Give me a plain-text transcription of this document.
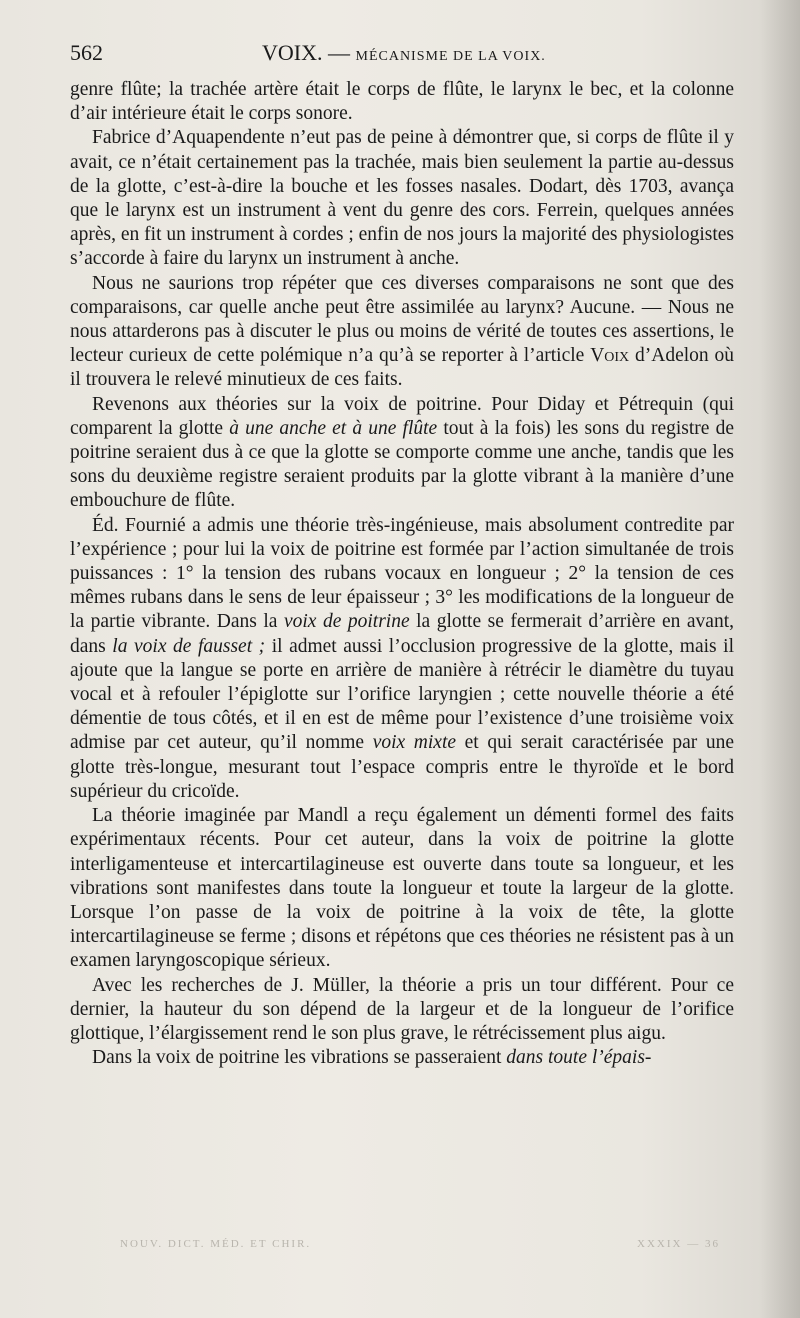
562	VOIX. — MÉCANISME DE LA VOIX.

genre flûte; la trachée artère était le corps de flûte, le larynx le bec, et la colonne d’air intérieure était le corps sonore.

Fabrice d’Aquapendente n’eut pas de peine à démontrer que, si corps de flûte il y avait, ce n’était certainement pas la trachée, mais bien seulement la partie au-dessus de la glotte, c’est-à-dire la bouche et les fosses nasales. Dodart, dès 1703, avança que le larynx est un instrument à vent du genre des cors. Ferrein, quelques années après, en fit un instrument à cordes ; enfin de nos jours la majorité des physiologistes s’accorde à faire du larynx un instrument à anche.

Nous ne saurions trop répéter que ces diverses comparaisons ne sont que des comparaisons, car quelle anche peut être assimilée au larynx? Aucune. — Nous ne nous attarderons pas à discuter le plus ou moins de vérité de toutes ces assertions, le lecteur curieux de cette polémique n’a qu’à se reporter à l’article Voix d’Adelon où il trouvera le relevé minutieux de ces faits.

Revenons aux théories sur la voix de poitrine. Pour Diday et Pétrequin (qui comparent la glotte à une anche et à une flûte tout à la fois) les sons du registre de poitrine seraient dus à ce que la glotte se comporte comme une anche, tandis que les sons du deuxième registre seraient produits par la glotte vibrant à la manière d’une embouchure de flûte.

Éd. Fournié a admis une théorie très-ingénieuse, mais absolument contredite par l’expérience ; pour lui la voix de poitrine est formée par l’action simultanée de trois puissances : 1° la tension des rubans vocaux en longueur ; 2° la tension de ces mêmes rubans dans le sens de leur épaisseur ; 3° les modifications de la longueur de la partie vibrante. Dans la voix de poitrine la glotte se fermerait d’arrière en avant, dans la voix de fausset ; il admet aussi l’occlusion progressive de la glotte, mais il ajoute que la langue se porte en arrière de manière à rétrécir le diamètre du tuyau vocal et à refouler l’épiglotte sur l’orifice laryngien ; cette nouvelle théorie a été démentie de tous côtés, et il en est de même pour l’existence d’une troisième voix admise par cet auteur, qu’il nomme voix mixte et qui serait caractérisée par une glotte très-longue, mesurant tout l’espace compris entre le thyroïde et le bord supérieur du cricoïde.

La théorie imaginée par Mandl a reçu également un démenti formel des faits expérimentaux récents. Pour cet auteur, dans la voix de poitrine la glotte interligamenteuse et intercartilagineuse est ouverte dans toute sa longueur, et les vibrations sont manifestes dans toute la longueur et toute la largeur de la glotte. Lorsque l’on passe de la voix de poitrine à la voix de tête, la glotte intercartilagineuse se ferme ; disons et répétons que ces théories ne résistent pas à un examen laryngoscopique sérieux.

Avec les recherches de J. Müller, la théorie a pris un tour différent. Pour ce dernier, la hauteur du son dépend de la largeur et de la longueur de l’orifice glottique, l’élargissement rend le son plus grave, le rétrécissement plus aigu.

Dans la voix de poitrine les vibrations se passeraient dans toute l’épais-

NOUV. DICT. MÉD. ET CHIR.	XXXIX — 36
